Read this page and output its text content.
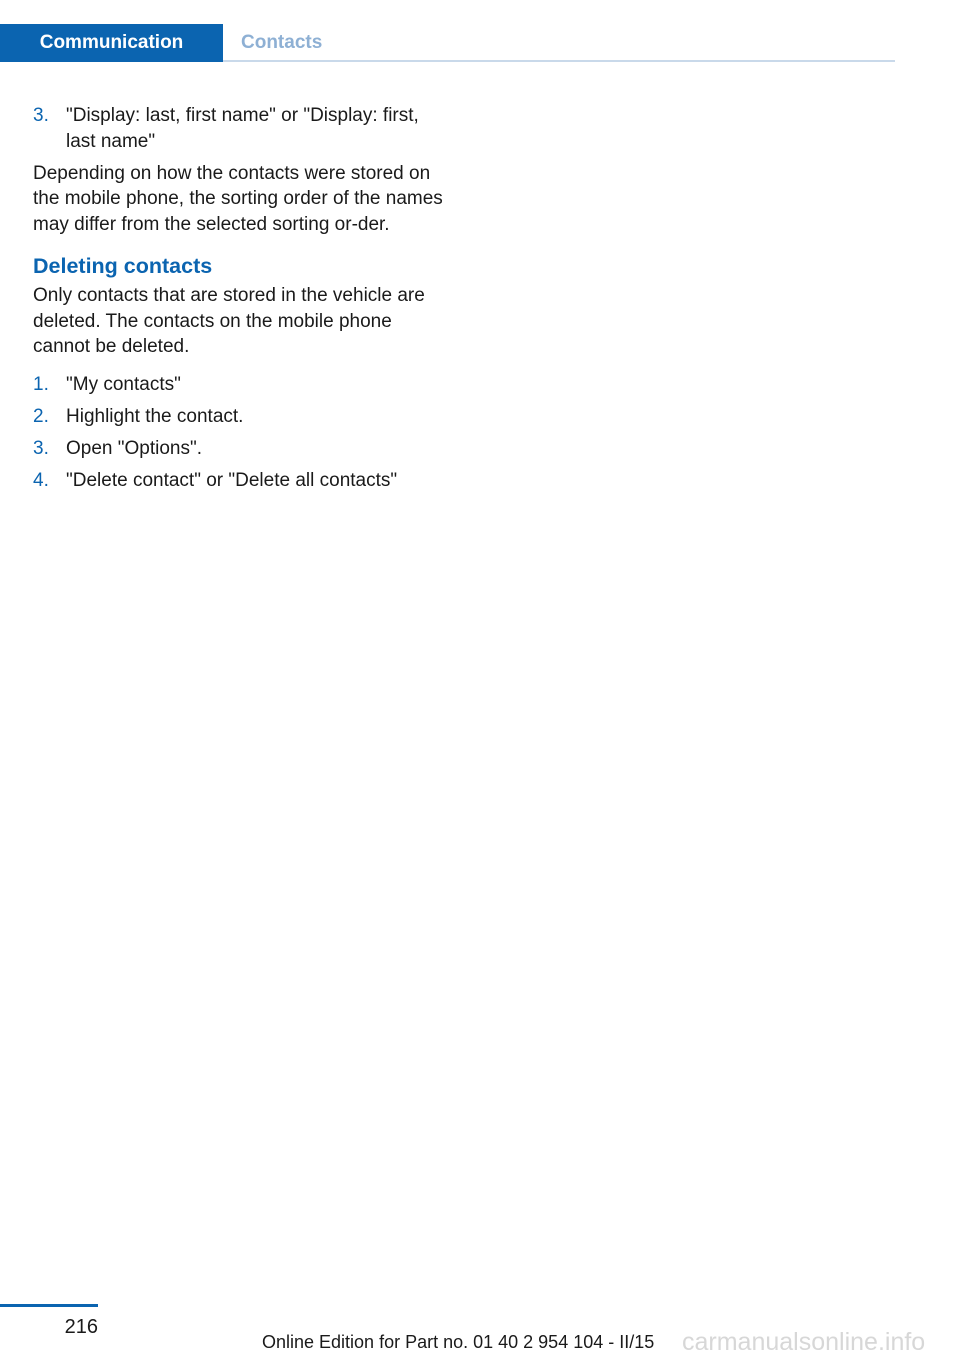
Communication	Contacts
3. "Display: last, first name" or "Display: first, last name"

Depending on how the contacts were stored on the mobile phone, the sorting order of the names may differ from the selected sorting or-der.

Deleting contacts

Only contacts that are stored in the vehicle are deleted. The contacts on the mobile phone cannot be deleted.

1. "My contacts"
2. Highlight the contact.
3. Open "Options".
4. "Delete contact" or "Delete all contacts"
216
Online Edition for Part no. 01 40 2 954 104 - II/15 carmanualsonline.info
